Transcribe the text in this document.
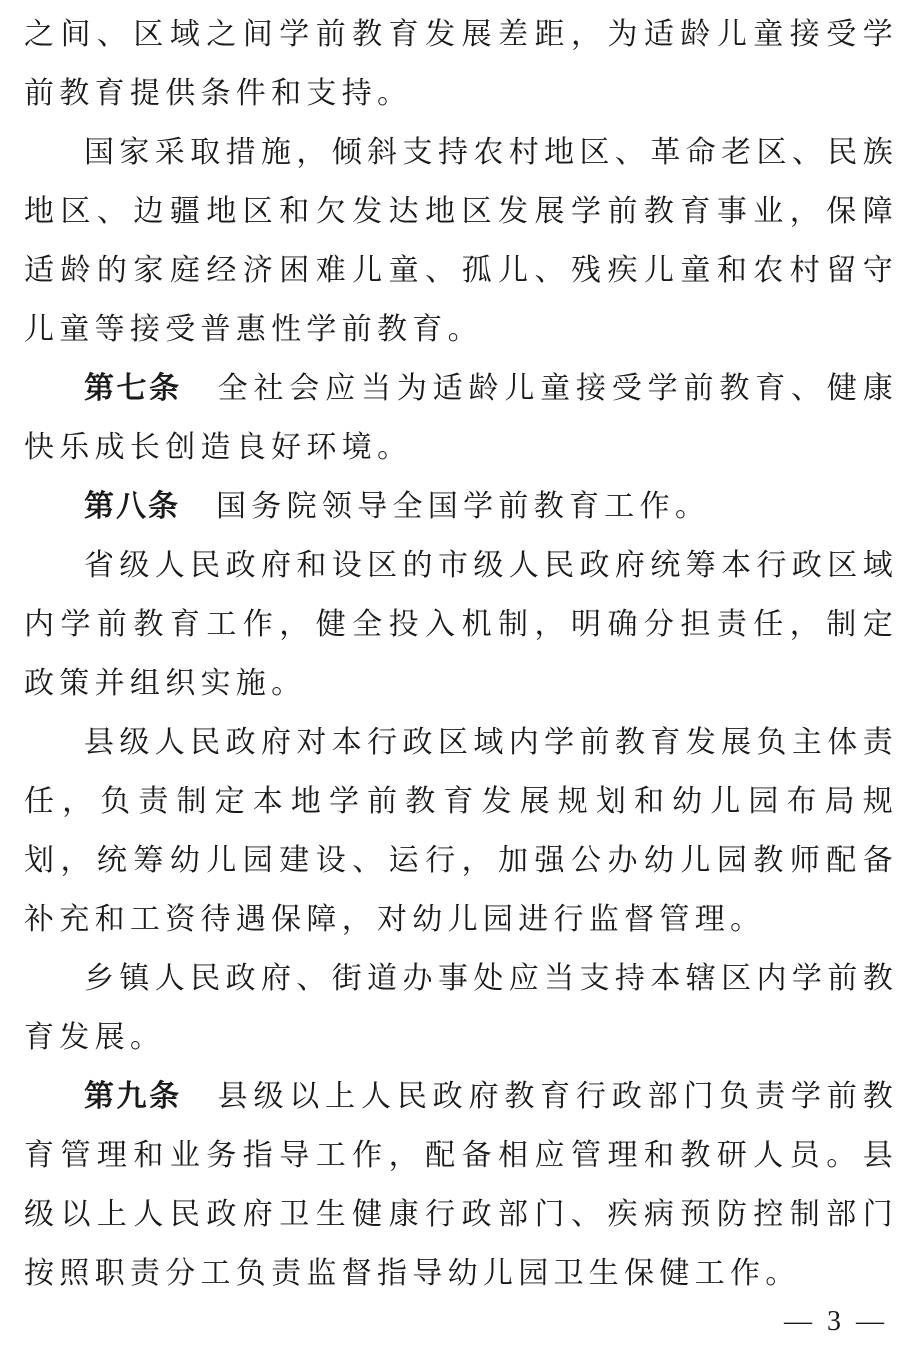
之间、区域之间学前教育发展差距，为适龄儿童接受学前教育提供条件和支持。

国家采取措施，倾斜支持农村地区、革命老区、民族地区、边疆地区和欠发达地区发展学前教育事业，保障适龄的家庭经济困难儿童、孤儿、残疾儿童和农村留守儿童等接受普惠性学前教育。

第七条 全社会应当为适龄儿童接受学前教育、健康快乐成长创造良好环境。

第八条 国务院领导全国学前教育工作。

省级人民政府和设区的市级人民政府统筹本行政区域内学前教育工作，健全投入机制，明确分担责任，制定政策并组织实施。

县级人民政府对本行政区域内学前教育发展负主体责任，负责制定本地学前教育发展规划和幼儿园布局规划，统筹幼儿园建设、运行，加强公办幼儿园教师配备补充和工资待遇保障，对幼儿园进行监督管理。

乡镇人民政府、街道办事处应当支持本辖区内学前教育发展。

第九条 县级以上人民政府教育行政部门负责学前教育管理和业务指导工作，配备相应管理和教研人员。县级以上人民政府卫生健康行政部门、疾病预防控制部门按照职责分工负责监督指导幼儿园卫生保健工作。

— 3 —
